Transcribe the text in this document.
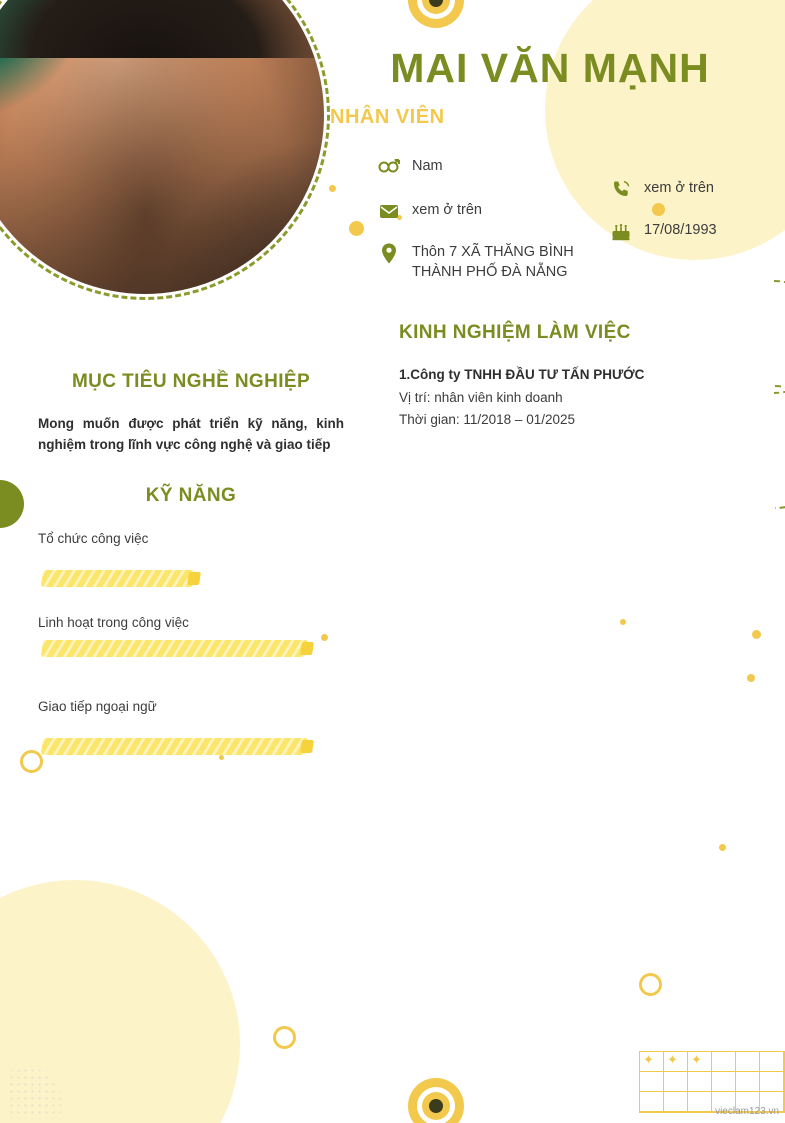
MAI VĂN MẠNH
NHÂN VIÊN
Nam
xem ở trên
Thôn 7 XÃ THĂNG BÌNH
THÀNH PHỐ ĐÀ NẴNG
xem ở trên
17/08/1993
KINH NGHIỆM LÀM VIỆC
1.Công ty TNHH ĐẦU TƯ TẤN PHƯỚC
Vị trí: nhân viên kinh doanh
Thời gian: 11/2018 – 01/2025
MỤC TIÊU NGHỀ NGHIỆP
Mong muốn được phát triển kỹ năng, kinh nghiệm trong lĩnh vực công nghệ và giao tiếp
KỸ NĂNG
Tổ chức công việc
Linh hoạt trong công việc
Giao tiếp ngoại ngữ
✦ ✦ ✦
vieclam123.vn
